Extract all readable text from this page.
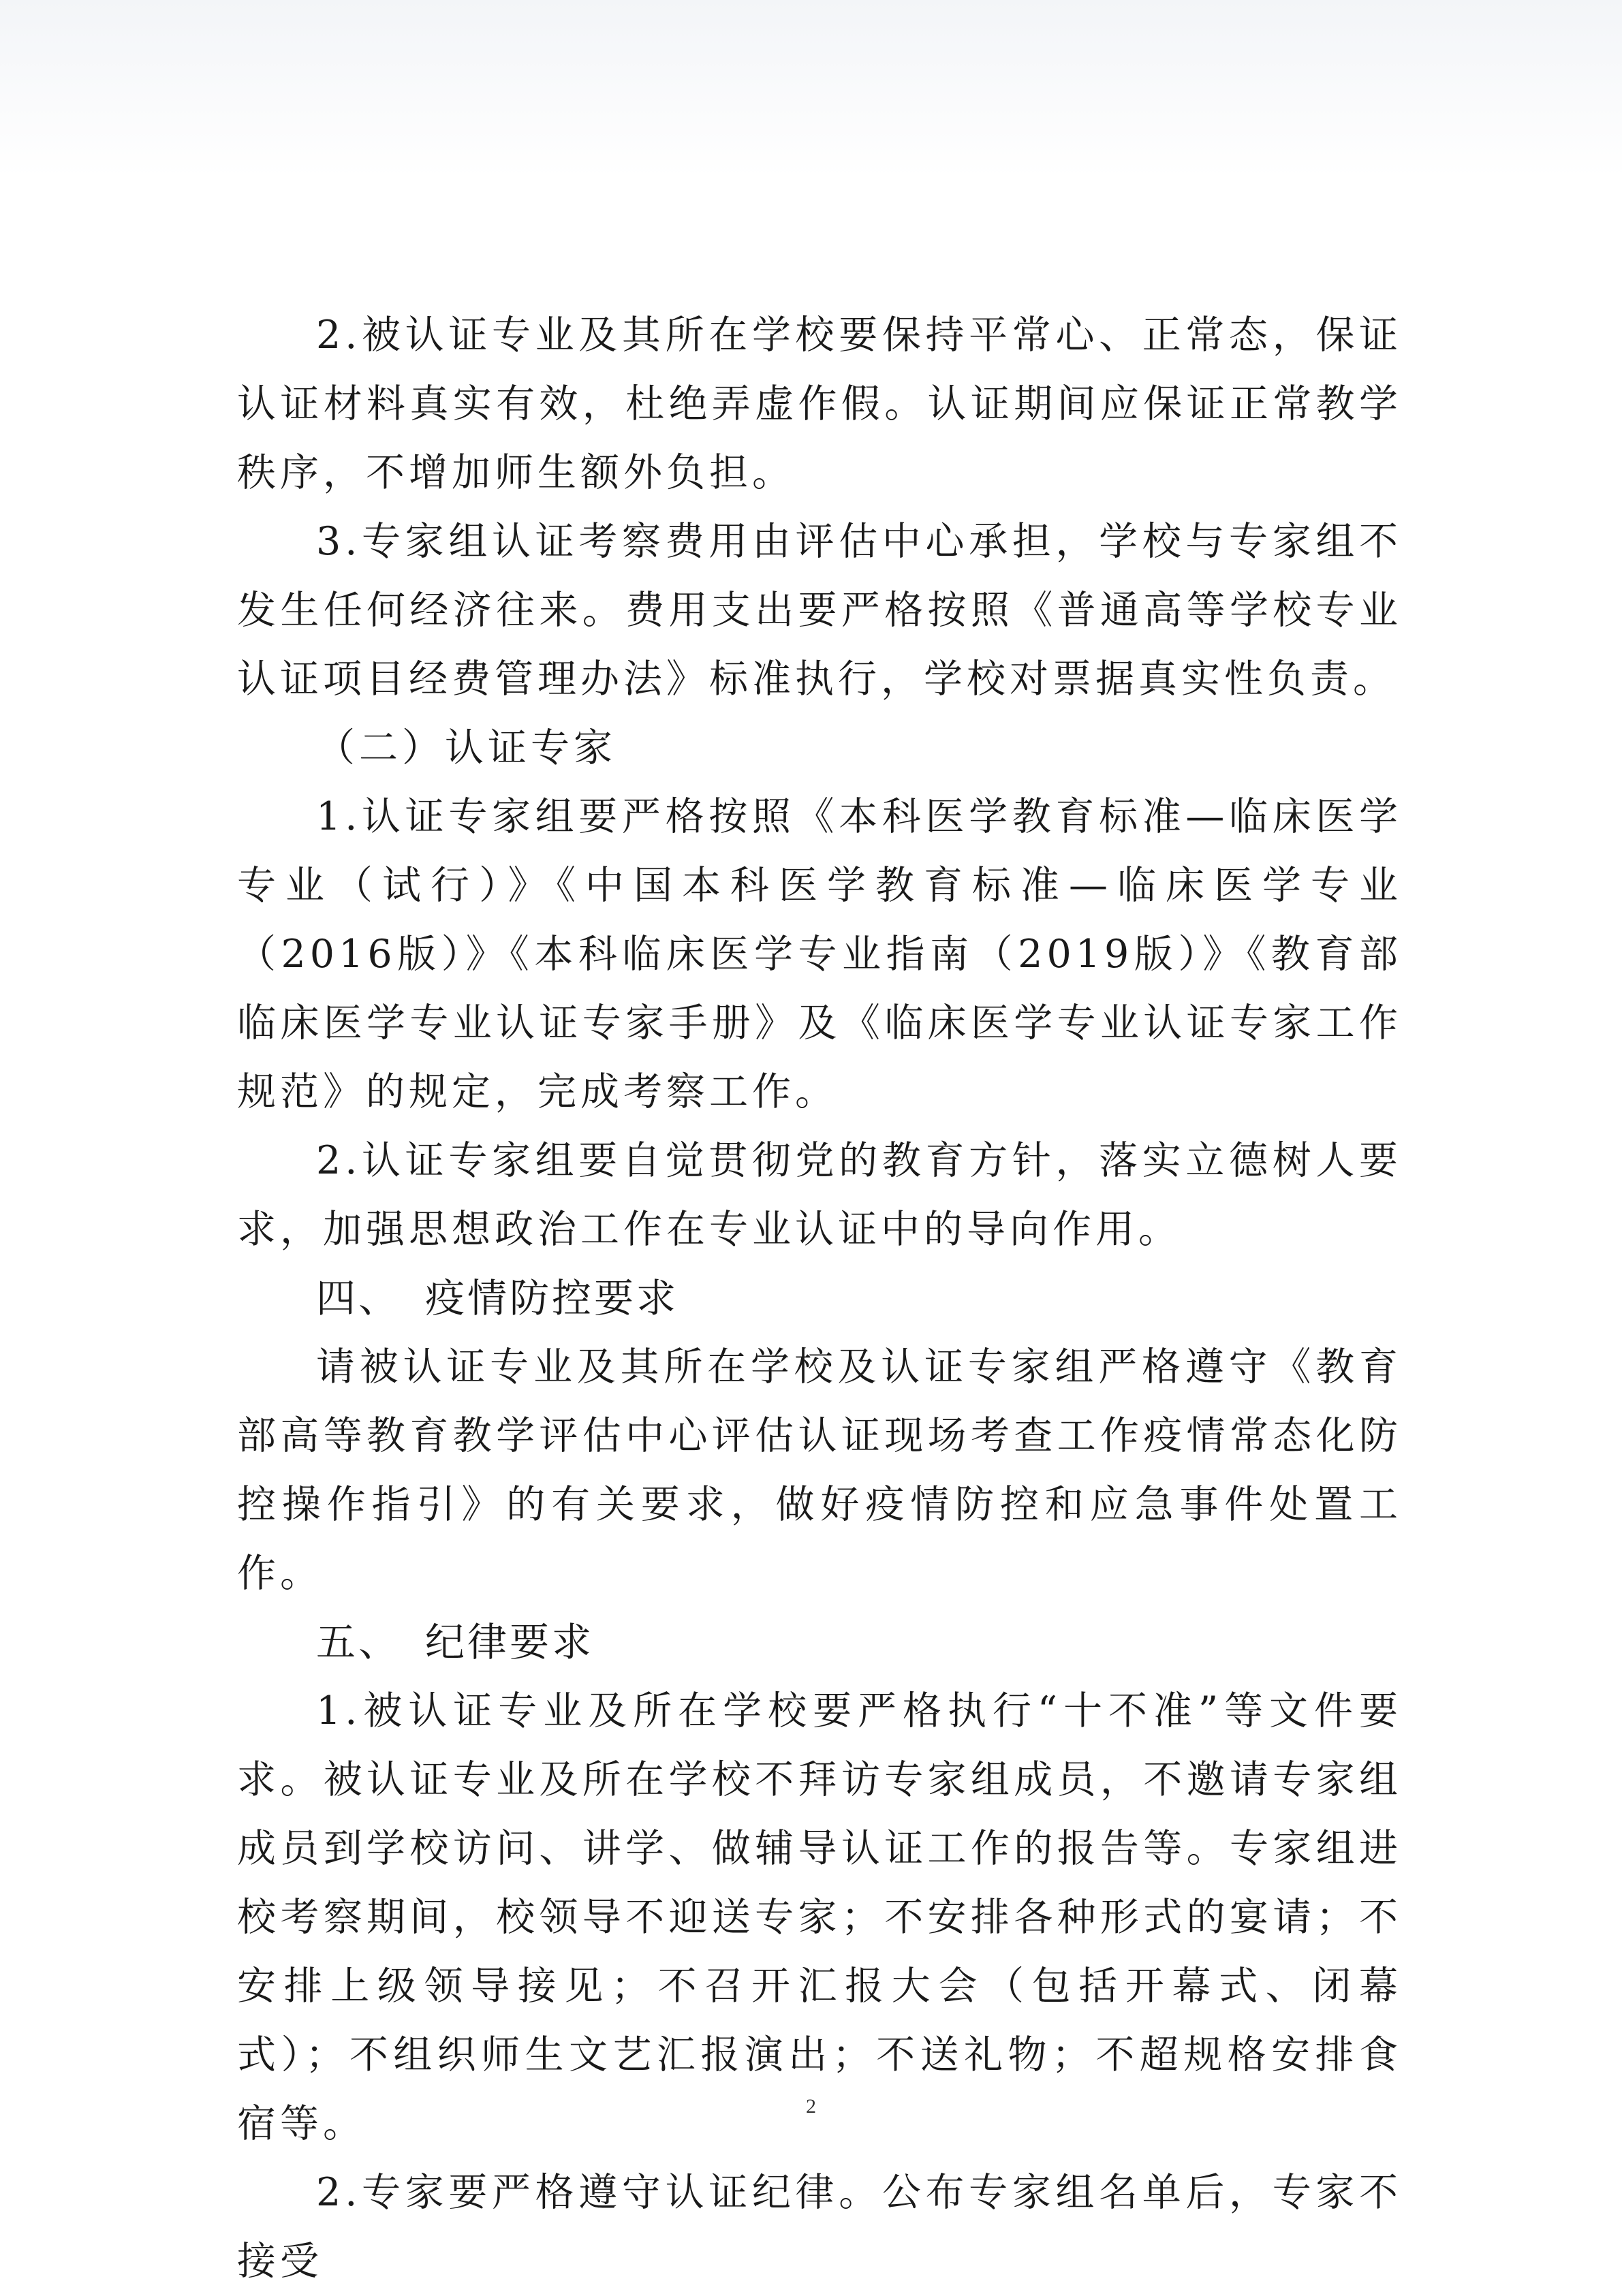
2.被认证专业及其所在学校要保持平常心、正常态，保证认证材料真实有效，杜绝弄虚作假。认证期间应保证正常教学秩序，不增加师生额外负担。

3.专家组认证考察费用由评估中心承担，学校与专家组不发生任何经济往来。费用支出要严格按照《普通高等学校专业认证项目经费管理办法》标准执行，学校对票据真实性负责。

（二）认证专家

1.认证专家组要严格按照《本科医学教育标准—临床医学专业（试行）》《中国本科医学教育标准—临床医学专业（2016版）》《本科临床医学专业指南（2019版）》《教育部临床医学专业认证专家手册》及《临床医学专业认证专家工作规范》的规定，完成考察工作。

2.认证专家组要自觉贯彻党的教育方针，落实立德树人要求，加强思想政治工作在专业认证中的导向作用。

四、 疫情防控要求

请被认证专业及其所在学校及认证专家组严格遵守《教育部高等教育教学评估中心评估认证现场考查工作疫情常态化防控操作指引》的有关要求，做好疫情防控和应急事件处置工作。

五、 纪律要求

1.被认证专业及所在学校要严格执行“十不准”等文件要求。被认证专业及所在学校不拜访专家组成员，不邀请专家组成员到学校访问、讲学、做辅导认证工作的报告等。专家组进校考察期间，校领导不迎送专家；不安排各种形式的宴请；不安排上级领导接见；不召开汇报大会（包括开幕式、闭幕式）；不组织师生文艺汇报演出；不送礼物；不超规格安排食宿等。

2.专家要严格遵守认证纪律。公布专家组名单后，专家不接受

2
